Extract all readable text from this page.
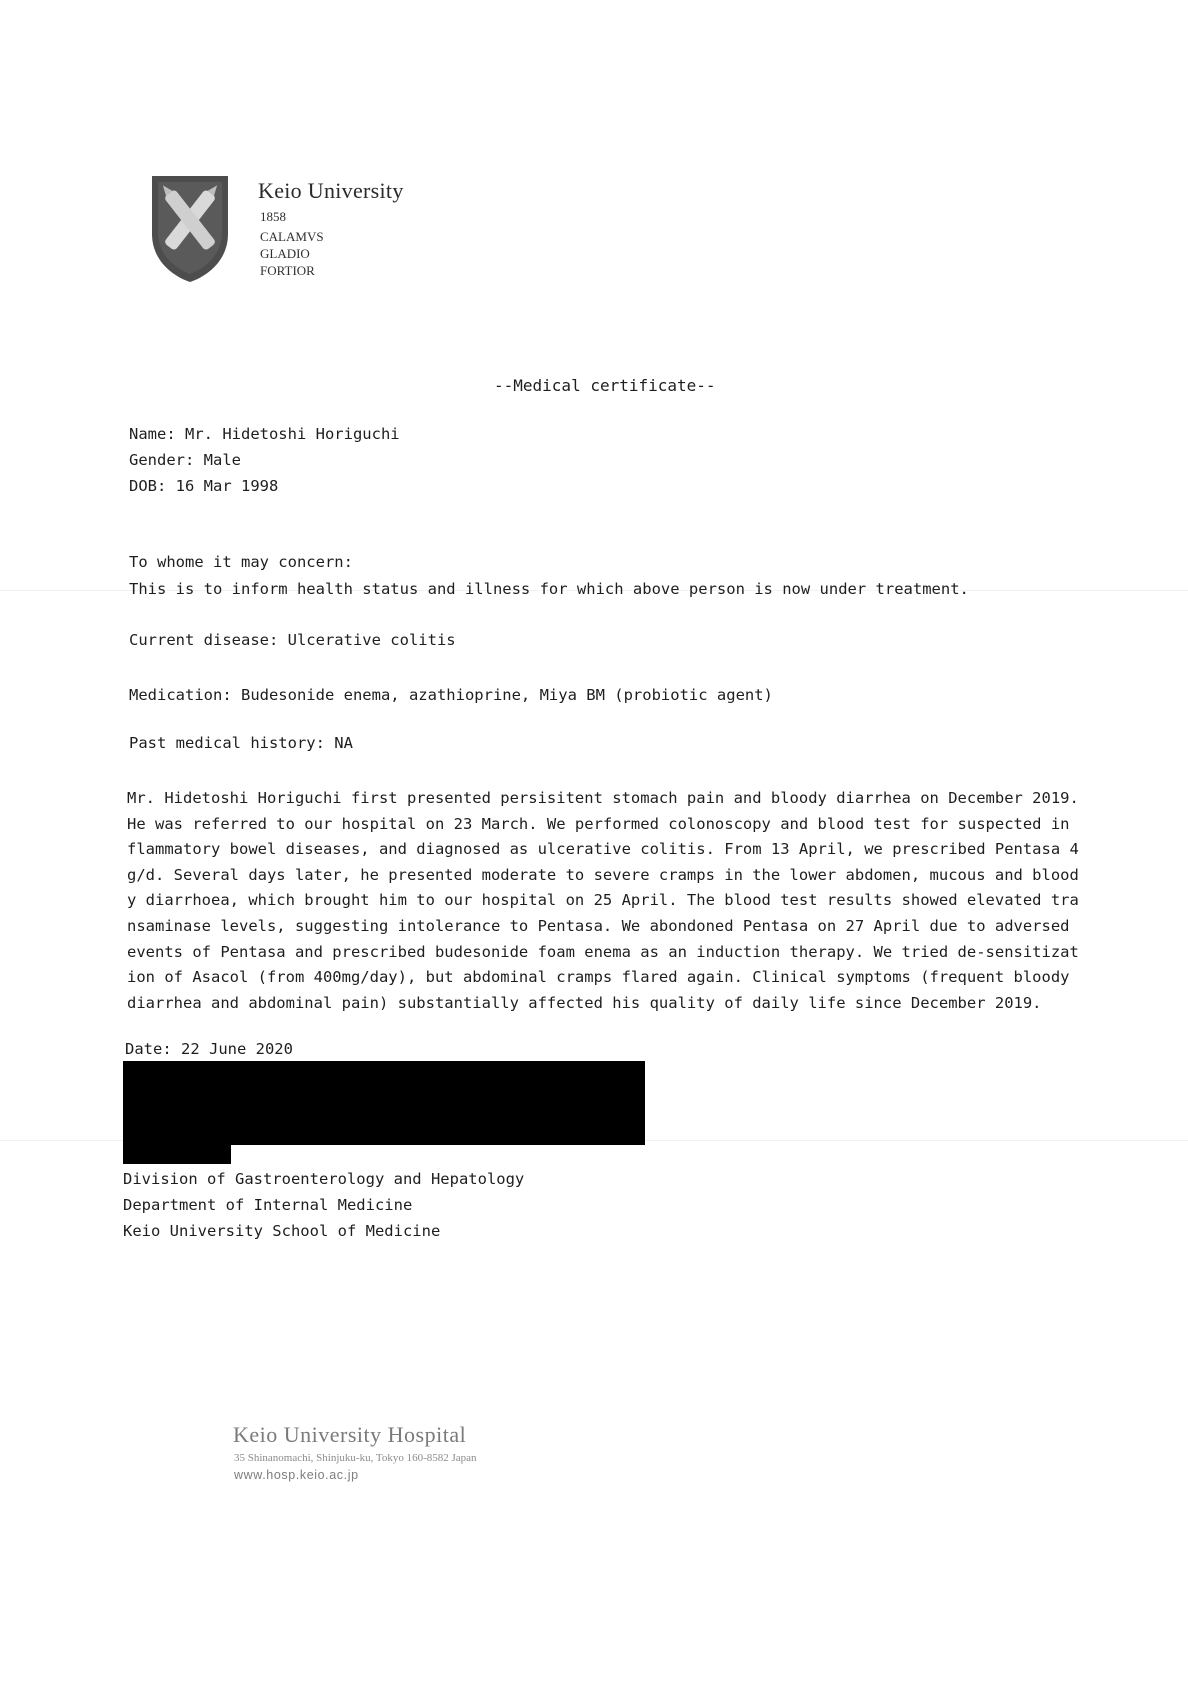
Keio University
1858
CALAMVS
GLADIO
FORTIOR
--Medical certificate--
Name: Mr. Hidetoshi Horiguchi
Gender: Male
DOB: 16 Mar 1998
To whome it may concern:
This is to inform health status and illness for which above person is now under treatment.
Current disease: Ulcerative colitis
Medication: Budesonide enema, azathioprine, Miya BM (probiotic agent)
Past medical history: NA
Mr. Hidetoshi Horiguchi first presented persisitent stomach pain and bloody diarrhea on December 2019.
He was referred to our hospital on 23 March. We performed colonoscopy and blood test for suspected in
flammatory bowel diseases, and diagnosed as ulcerative colitis. From 13 April, we prescribed Pentasa 4
g/d. Several days later, he presented moderate to severe cramps in the lower abdomen, mucous and blood
y diarrhoea, which brought him to our hospital on 25 April. The blood test results showed elevated tra
nsaminase levels, suggesting intolerance to Pentasa. We abondoned Pentasa on 27 April due to adversed
events of Pentasa and prescribed budesonide foam enema as an induction therapy. We tried de-sensitizat
ion of Asacol (from 400mg/day), but abdominal cramps flared again. Clinical symptoms (frequent bloody
diarrhea and abdominal pain) substantially affected his quality of daily life since December 2019.
Date: 22 June 2020
Division of Gastroenterology and Hepatology
Department of Internal Medicine
Keio University School of Medicine
Keio University Hospital
35 Shinanomachi, Shinjuku-ku, Tokyo 160-8582 Japan
www.hosp.keio.ac.jp
